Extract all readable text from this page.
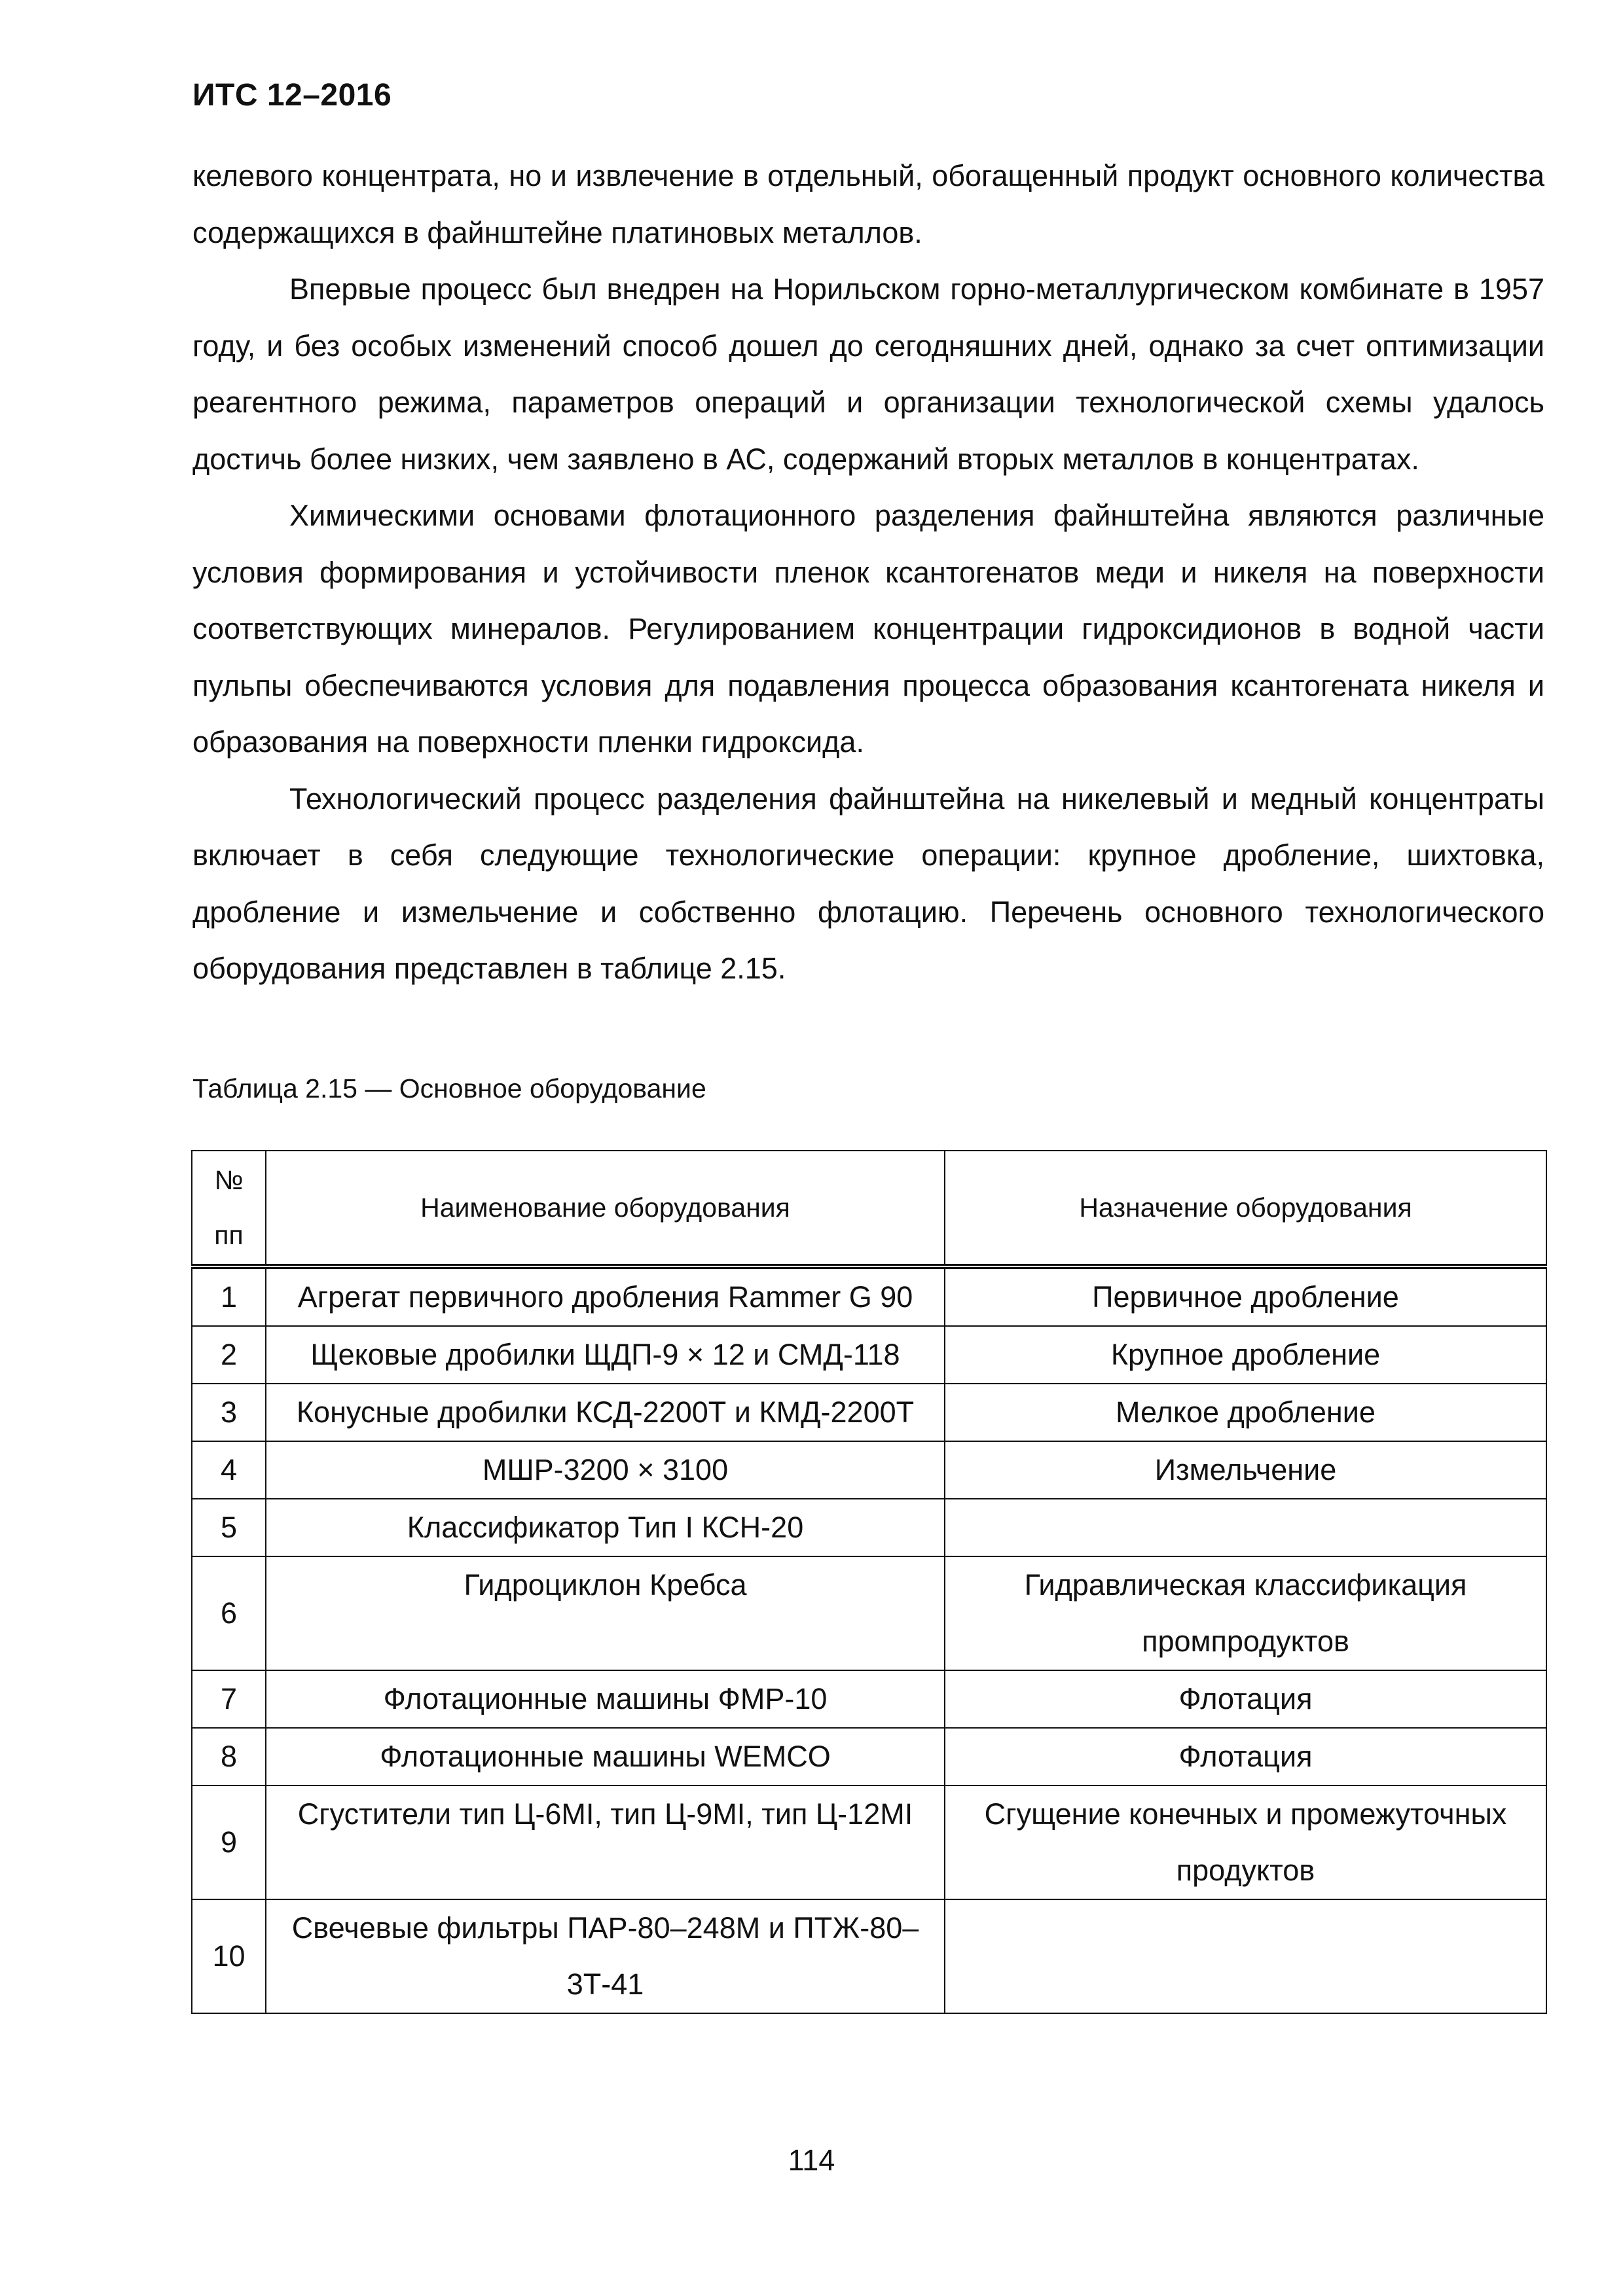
ИТС 12–2016

келевого концентрата, но и извлечение в отдельный, обогащенный продукт основного количества содержащихся в файнштейне платиновых металлов.

Впервые процесс был внедрен на Норильском горно-металлургическом комбинате в 1957 году, и без особых изменений способ дошел до сегодняшних дней, однако за счет оптимизации реагентного режима, параметров операций и организации технологической схемы удалось достичь более низких, чем заявлено в АС, содержаний вторых металлов в концентратах.

Химическими основами флотационного разделения файнштейна являются различные условия формирования и устойчивости пленок ксантогенатов меди и никеля на поверхности соответствующих минералов. Регулированием концентрации гидроксидионов в водной части пульпы обеспечиваются условия для подавления процесса образования ксантогената никеля и образования на поверхности пленки гидроксида.

Технологический процесс разделения файнштейна на никелевый и медный концентраты включает в себя следующие технологические операции: крупное дробление, шихтовка, дробление и измельчение и собственно флотацию. Перечень основного технологического оборудования представлен в таблице 2.15.

Таблица 2.15 — Основное оборудование

№
пп	Наименование оборудования	Назначение оборудования
1	Агрегат первичного дробления Rammer G 90	Первичное дробление
2	Щековые дробилки ЩДП-9 × 12 и СМД-118	Крупное дробление
3	Конусные дробилки КСД-2200Т и КМД-2200Т	Мелкое дробление
4	МШР-3200 × 3100	Измельчение
5	Классификатор Тип I КСН-20	
6	Гидроциклон Кребса	Гидравлическая классификация промпродуктов
7	Флотационные машины ФМР-10	Флотация
8	Флотационные машины WEMCO	Флотация
9	Сгустители тип Ц-6MI, тип Ц-9MI, тип Ц-12MI	Сгущение конечных и промежуточных продуктов
10	Свечевые фильтры ПАР-80–248М и ПТЖ-80–3Т-41	

114
